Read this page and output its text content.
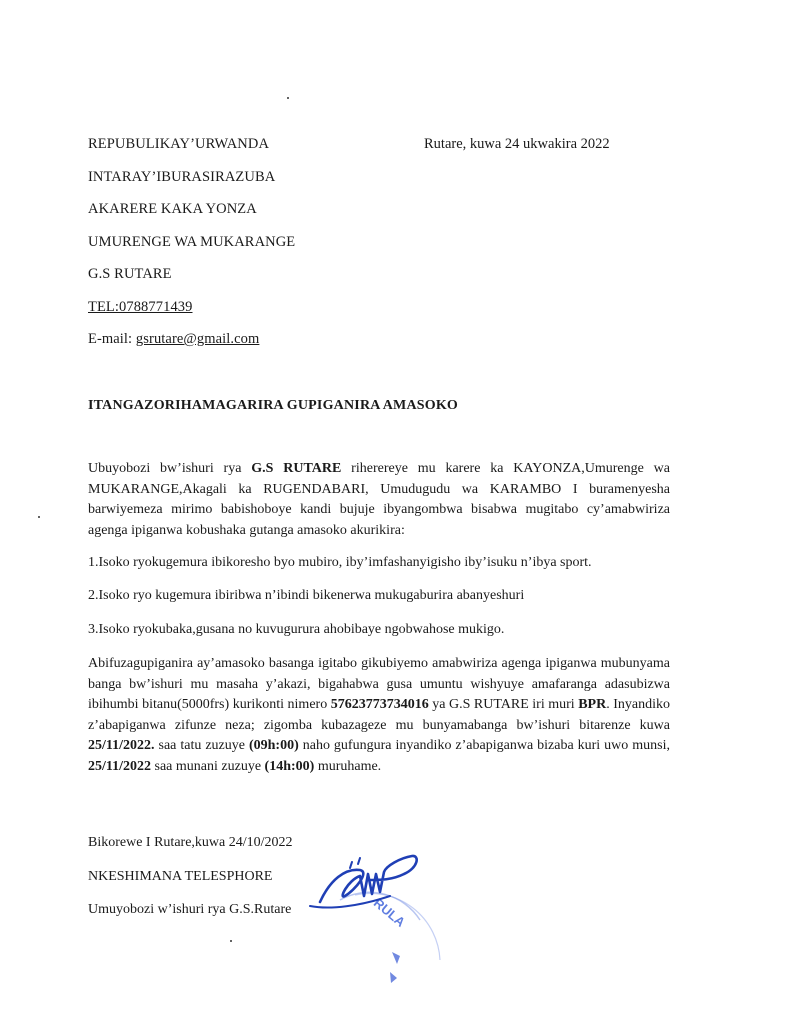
REPUBULIKAY’URWANDA	Rutare, kuwa 24 ukwakira 2022
INTARAY’IBURASIRAZUBA
AKARERE KAKA YONZA
UMURENGE WA MUKARANGE
G.S RUTARE
TEL:0788771439
E-mail: gsrutare@gmail.com
ITANGAZORIHAMAGARIRA GUPIGANIRA AMASOKO
Ubuyobozi bw’ishuri rya G.S RUTARE riherereye mu karere ka KAYONZA,Umurenge wa MUKARANGE,Akagali ka RUGENDABARI, Umudugudu wa KARAMBO I buramenyesha barwiyemeza mirimo babishoboye kandi bujuje ibyangombwa bisabwa mugitabo cy’amabwiriza agenga ipiganwa kobushaka gutanga amasoko akurikira:
1.Isoko ryokugemura ibikoresho byo mubiro, iby’imfashanyigisho iby’isuku n’ibya sport.
2.Isoko ryo kugemura ibiribwa n’ibindi bikenerwa mukugaburira abanyeshuri
3.Isoko ryokubaka,gusana no kuvugurura ahobibaye ngobwahose mukigo.
Abifuzagupiganira ay’amasoko basanga igitabo gikubiyemo amabwiriza agenga ipiganwa mubunyama banga bw’ishuri mu masaha y’akazi, bigahabwa gusa umuntu wishyuye amafaranga adasubizwa ibihumbi bitanu(5000frs) kurikonti nimero 57623773734016 ya G.S RUTARE iri muri BPR. Inyandiko z’abapiganwa zifunze neza; zigomba kubazageze mu bunyamabanga bw’ishuri bitarenze kuwa 25/11/2022. saa tatu zuzuye (09h:00) naho gufungura inyandiko z’abapiganwa bizaba kuri uwo munsi, 25/11/2022 saa munani zuzuye (14h:00) muruhame.
Bikorewe I Rutare,kuwa 24/10/2022
NKESHIMANA TELESPHORE
Umuyobozi w’ishuri rya G.S.Rutare	RULA
